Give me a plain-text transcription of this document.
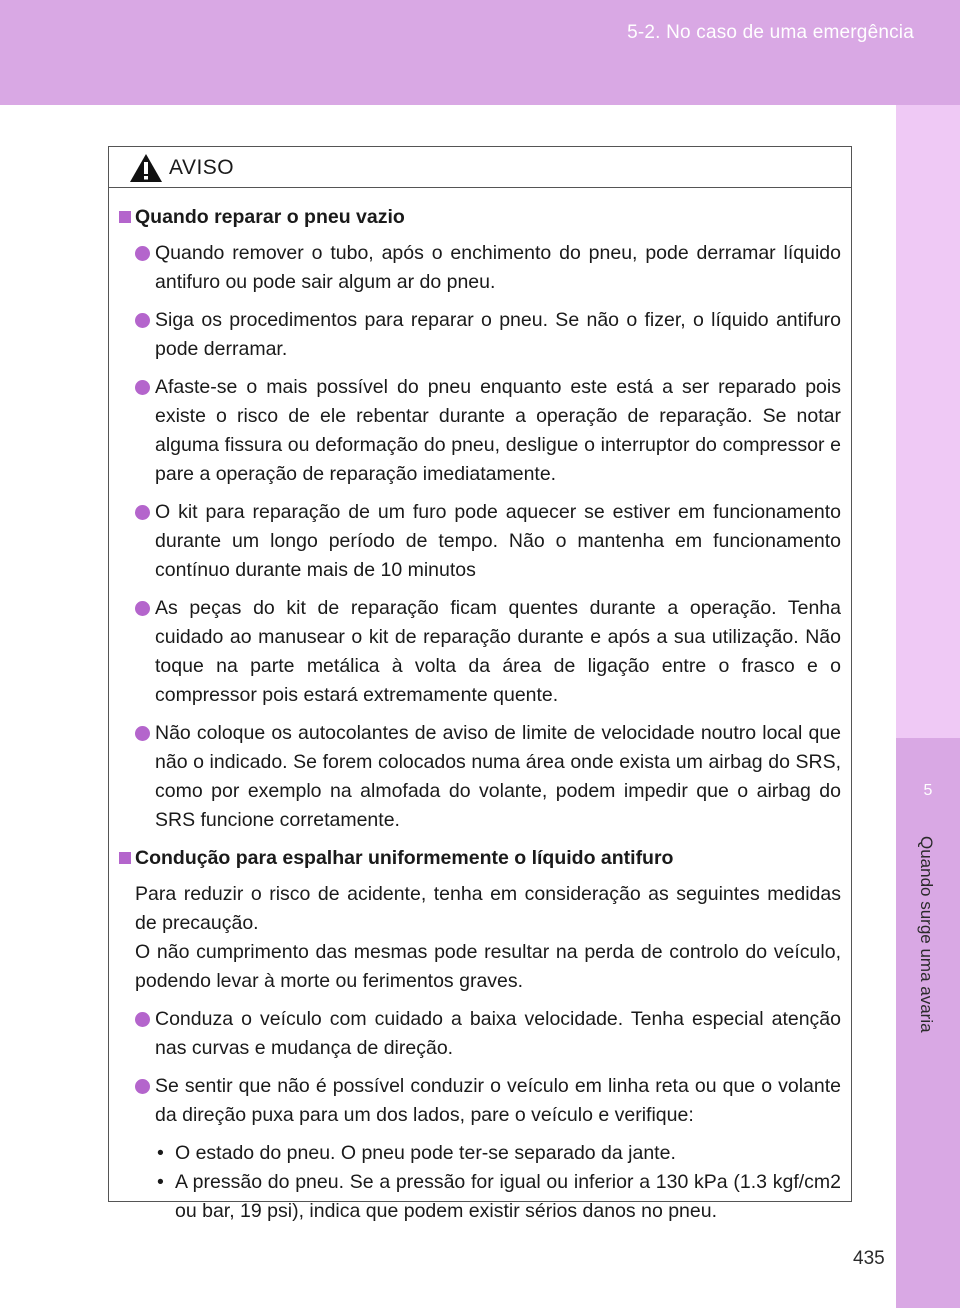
5-2. No caso de uma emergência
5
Quando surge uma avaria
AVISO
Quando reparar o pneu vazio
Quando remover o tubo, após o enchimento do pneu, pode derramar líquido antifuro ou pode sair algum ar do pneu.
Siga os procedimentos para reparar o pneu. Se não o fizer, o líquido antifuro pode derramar.
Afaste-se o mais possível do pneu enquanto este está a ser reparado pois existe o risco de ele rebentar durante a operação de reparação. Se notar alguma fissura ou deformação do pneu, desligue o interruptor do compressor e pare a operação de reparação imediatamente.
O kit para reparação de um furo pode aquecer se estiver em funcionamento durante um longo período de tempo. Não o mantenha em funcionamento contínuo durante mais de 10 minutos
As peças do kit de reparação ficam quentes durante a operação. Tenha cuidado ao manusear o kit de reparação durante e após a sua utilização. Não toque na parte metálica à volta da área de ligação entre o frasco e o compressor pois estará extremamente quente.
Não coloque os autocolantes de aviso de limite de velocidade noutro local que não o indicado. Se forem colocados numa área onde exista um airbag do SRS, como por exemplo na almofada do volante, podem impedir que o airbag do SRS funcione corretamente.
Condução para espalhar uniformemente o líquido antifuro
Para reduzir o risco de acidente, tenha em consideração as seguintes medidas de precaução.
O não cumprimento das mesmas pode resultar na perda de controlo do veículo, podendo levar à morte ou ferimentos graves.
Conduza o veículo com cuidado a baixa velocidade. Tenha especial atenção nas curvas e mudança de direção.
Se sentir que não é possível conduzir o veículo em linha reta ou que o volante da direção puxa para um dos lados, pare o veículo e verifique:
• O estado do pneu. O pneu pode ter-se separado da jante.
• A pressão do pneu. Se a pressão for igual ou inferior a 130 kPa (1.3 kgf/cm2 ou bar, 19 psi), indica que podem existir sérios danos no pneu.
435
